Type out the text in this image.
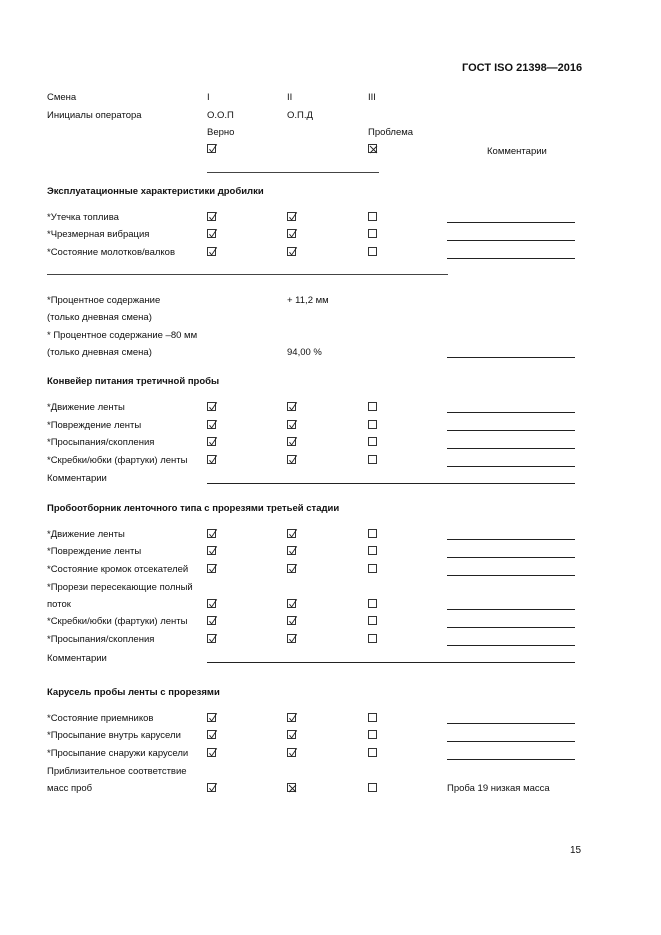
ГОСТ ISO 21398—2016
Смена	I	II	III
Инициалы оператора	О.О.П	О.П.Д
Верно	Проблема
Комментарии
Эксплуатационные характеристики дробилки
*Утечка топлива
*Чрезмерная вибрация
*Состояние молотков/валков
*Процентное содержание	+ 11,2 мм
(только дневная смена)
* Процентное содержание –80 мм
(только дневная смена)	94,00 %
Конвейер питания третичной пробы
*Движение ленты
*Повреждение ленты
*Просыпания/скопления
*Скребки/юбки (фартуки) ленты
Комментарии
Пробоотборник ленточного типа с прорезями третьей стадии
*Движение ленты
*Повреждение ленты
*Состояние кромок отсекателей
*Прорези пересекающие полный
поток
*Скребки/юбки (фартуки) ленты
*Просыпания/скопления
Комментарии
Карусель пробы ленты с прорезями
*Состояние приемников
*Просыпание внутрь карусели
*Просыпание снаружи карусели
Приблизительное соответствие
масс проб	Проба 19 низкая масса
15
